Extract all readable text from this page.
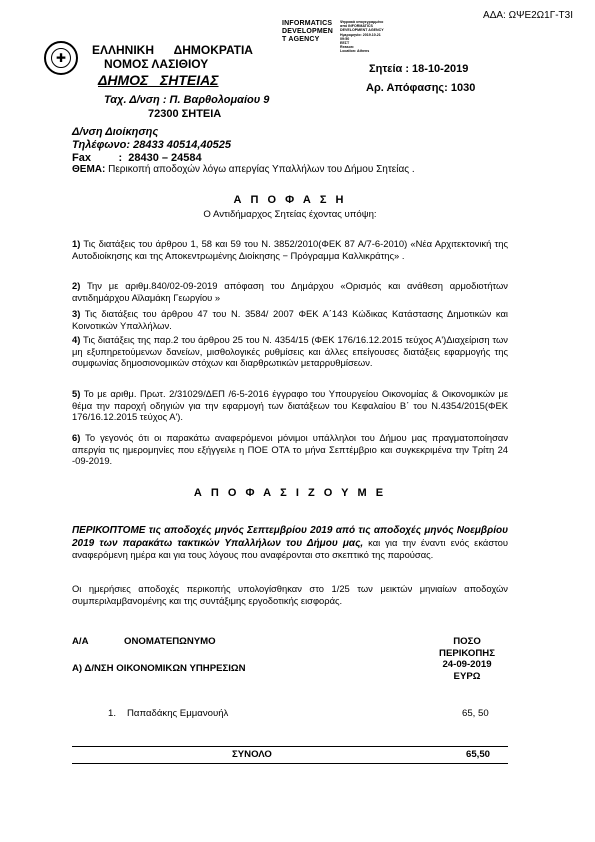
ΑΔΑ: ΩΨΕ2Ω1Γ-Τ3Ι
INFORMATICS
DEVELOPMEN
T AGENCY
Ψηφιακά υπογεγραμμένο
από INFORMATICS
DEVELOPMENT AGENCY
Ημερομηνία: 2019.10.21
09:50
ΕΕΣΤ
Reason:
Location: Athens
✚
ΕΛΛΗΝΙΚΗ      ΔΗΜΟΚΡΑΤΙΑ
ΝΟΜΟΣ ΛΑΣΙΘΙΟΥ
ΔΗΜΟΣ   ΣΗΤΕΙΑΣ
Ταχ. Δ/νση : Π. Βαρθολομαίου 9
72300 ΣΗΤΕΙΑ
Σητεία : 18-10-2019
Αρ. Απόφασης: 1030
Δ/νση Διοίκησης
Τηλέφωνο: 28433 40514,40525
Fax         :  28430 – 24584
ΘΕΜΑ: Περικοπή αποδοχών λόγω απεργίας Υπαλλήλων του Δήμου Σητείας .
Α Π Ο Φ Α Σ Η
Ο Αντιδήμαρχος Σητείας έχοντας υπόψη:
1) Τις διατάξεις του άρθρου 1, 58 και 59 του Ν. 3852/2010(ΦΕΚ 87 Α/7-6-2010) «Νέα Αρχιτεκτονική της Αυτοδιοίκησης και της Αποκεντρωμένης Διοίκησης − Πρόγραμμα Καλλικράτης» .
2) Την με αριθμ.840/02-09-2019 απόφαση του Δημάρχου «Ορισμός και ανάθεση αρμοδιοτήτων αντιδημάρχου Αϊλαμάκη Γεωργίου »
3) Τις διατάξεις του άρθρου 47 του Ν. 3584/ 2007 ΦΕΚ Α΄143 Κώδικας Κατάστασης Δημοτικών και Κοινοτικών Υπαλλήλων.
4) Τις διατάξεις της παρ.2 του άρθρου 25 του Ν. 4354/15 (ΦΕΚ 176/16.12.2015 τεύχος Α')Διαχείριση των μη εξυπηρετούμενων δανείων, μισθολογικές ρυθμίσεις και άλλες επείγουσες διατάξεις εφαρμογής της συμφωνίας δημοσιονομικών στόχων και διαρθρωτικών μεταρρυθμίσεων.
5) Το με αριθμ. Πρωτ. 2/31029/ΔΕΠ /6-5-2016 έγγραφο του Υπουργείου Οικονομίας & Οικονομικών με θέμα την παροχή οδηγιών για την εφαρμογή των διατάξεων του Κεφαλαίου Β΄ του Ν.4354/2015(ΦΕΚ 176/16.12.2015 τεύχος Α').
6) Το γεγονός ότι οι παρακάτω αναφερόμενοι μόνιμοι υπάλληλοι του Δήμου μας πραγματοποίησαν απεργία τις ημερομηνίες που εξήγγειλε η ΠΟΕ ΟΤΑ το μήνα Σεπτέμβριο και συγκεκριμένα την Τρίτη 24 -09-2019.
Α Π Ο Φ Α Σ Ι Ζ Ο Υ Μ Ε
ΠΕΡΙΚΟΠΤΟΜΕ τις αποδοχές μηνός Σεπτεμβρίου 2019 από τις αποδοχές μηνός Νοεμβρίου 2019 των παρακάτω τακτικών Υπαλλήλων του Δήμου μας, και για την έναντι ενός εκάστου αναφερόμενη ημέρα και για τους λόγους που αναφέρονται στο σκεπτικό της παρούσας.
Οι ημερήσιες αποδοχές περικοπής υπολογίσθηκαν στο 1/25 των μεικτών μηνιαίων αποδοχών συμπεριλαμβανομένης και της συντάξιμης εργοδοτικής εισφοράς.
Α/Α	ΟΝΟΜΑΤΕΠΩΝΥΜΟ	ΠΟΣΟ
ΠΕΡΙΚΟΠΗΣ
24-09-2019
ΕΥΡΩ
Α) Δ/ΝΣΗ ΟΙΚΟΝΟΜΙΚΩΝ ΥΠΗΡΕΣΙΩΝ
1. Παπαδάκης Εμμανουήλ	65, 50
ΣΥΝΟΛΟ	65,50
